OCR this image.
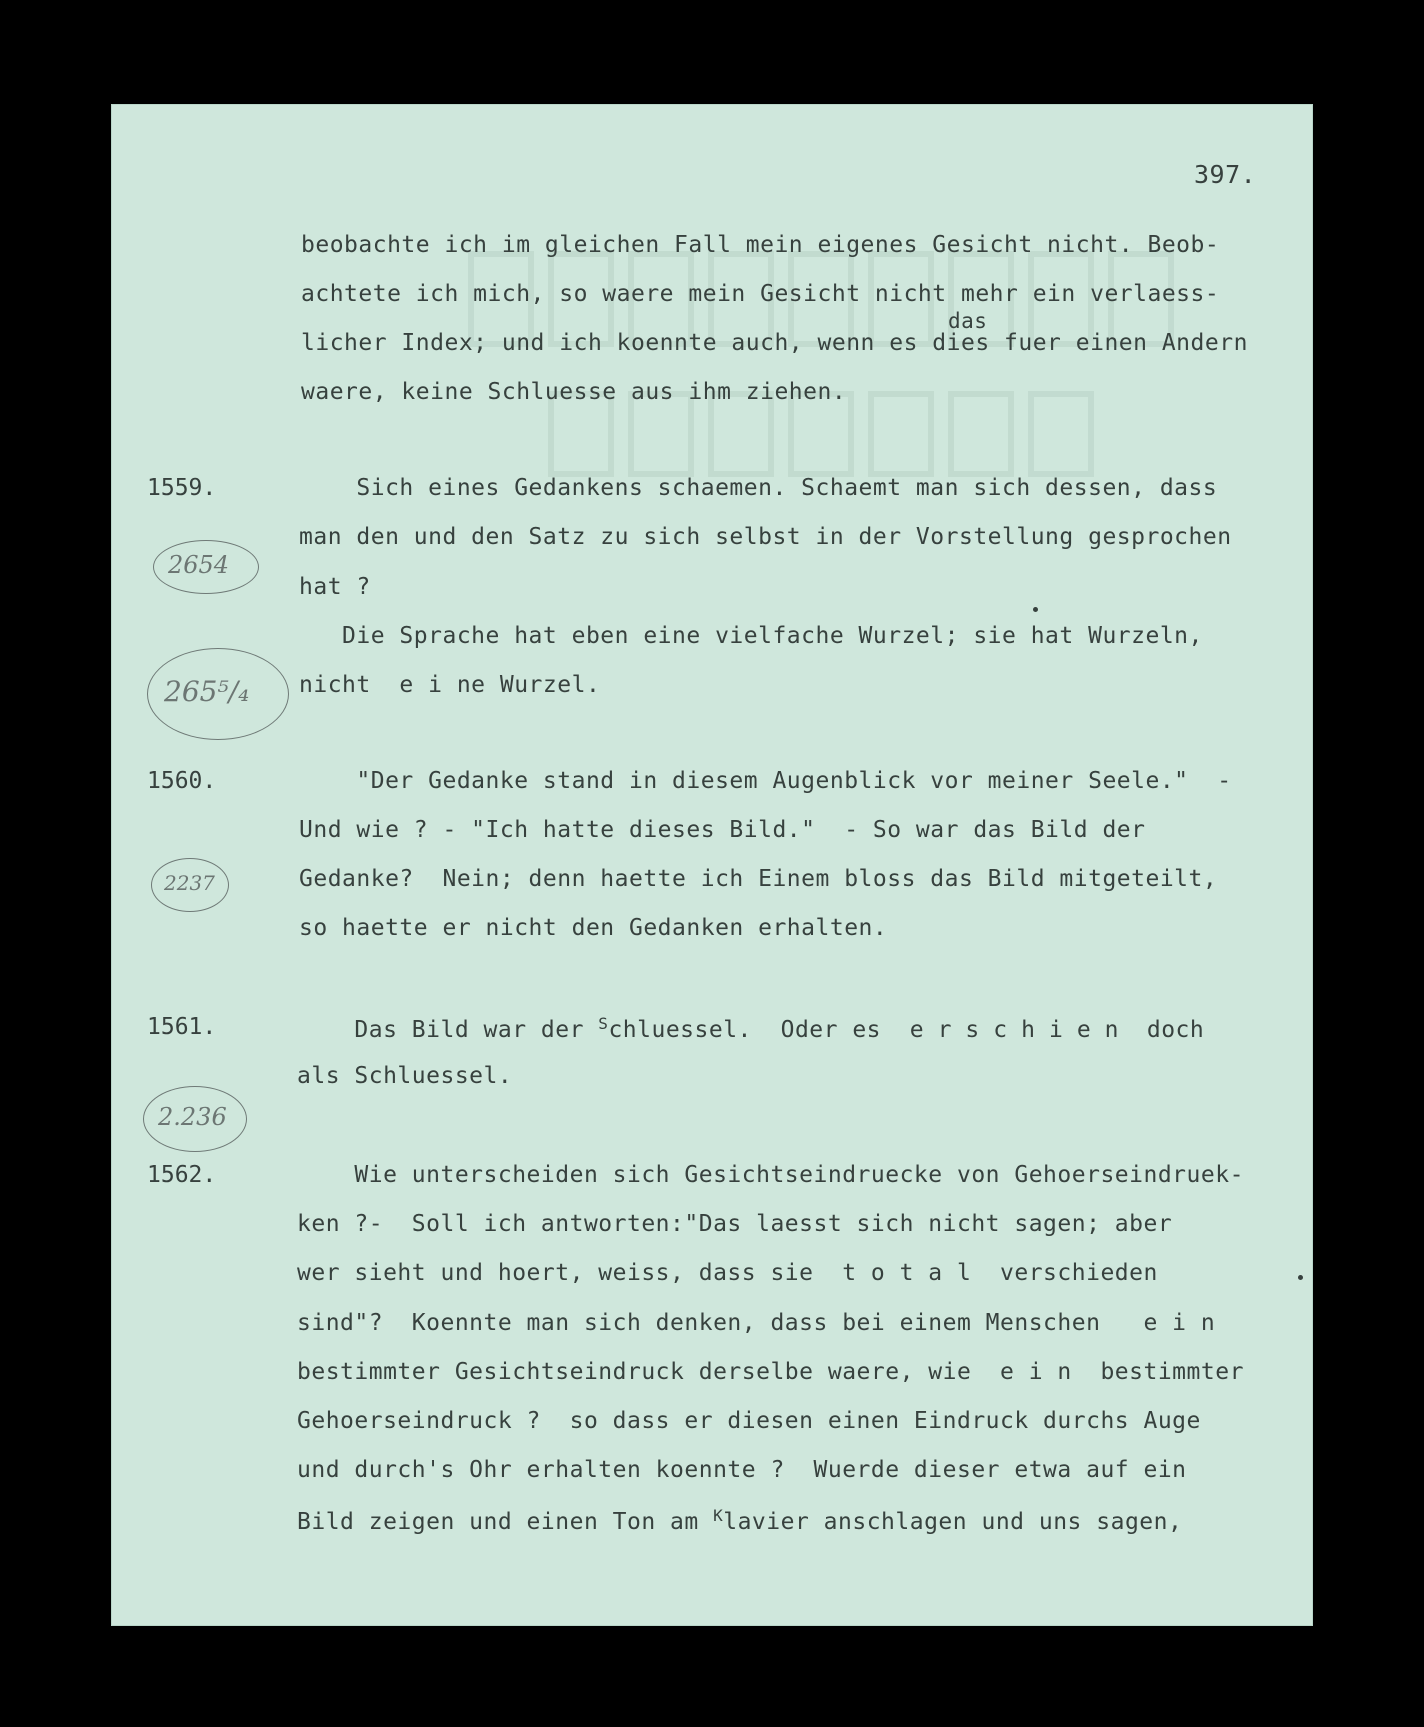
397.
beobachte ich im gleichen Fall mein eigenes Gesicht nicht. Beob-
achtete ich mich, so waere mein Gesicht nicht mehr ein verlaess-
das
licher Index; und ich koennte auch, wenn es dies fuer einen Andern
waere, keine Schluesse aus ihm ziehen.
1559.
2654
Sich eines Gedankens schaemen. Schaemt man sich dessen, dass
man den und den Satz zu sich selbst in der Vorstellung gesprochen
hat ?
265⁵/₄
Die Sprache hat eben eine vielfache Wurzel; sie hat Wurzeln,
nicht  e i ne Wurzel.
1560.
2237
"Der Gedanke stand in diesem Augenblick vor meiner Seele."  -
Und wie ? - "Ich hatte dieses Bild."  - So war das Bild der
Gedanke?  Nein; denn haette ich Einem bloss das Bild mitgeteilt,
so haette er nicht den Gedanken erhalten.
1561.
2.236
Das Bild war der $^S$chluessel.  Oder es  erschien doch
als Schluessel.
1562.	Wie unterscheiden sich Gesichtseindruecke von Gehoerseindruek-
ken ?-  Soll ich antworten:"Das laesst sich nicht sagen; aber
wer sieht und hoert, weiss, dass sie  t o t a l  verschieden
sind"?  Koennte man sich denken, dass bei einem Menschen   e i n
bestimmter Gesichtseindruck derselbe waere, wie  e i n  bestimmter
Gehoerseindruck ?  so dass er diesen einen Eindruck durchs Auge
und durch's Ohr erhalten koennte ?  Wuerde dieser etwa auf ein
Bild zeigen und einen Ton am $^K$lavier anschlagen und uns sagen,
